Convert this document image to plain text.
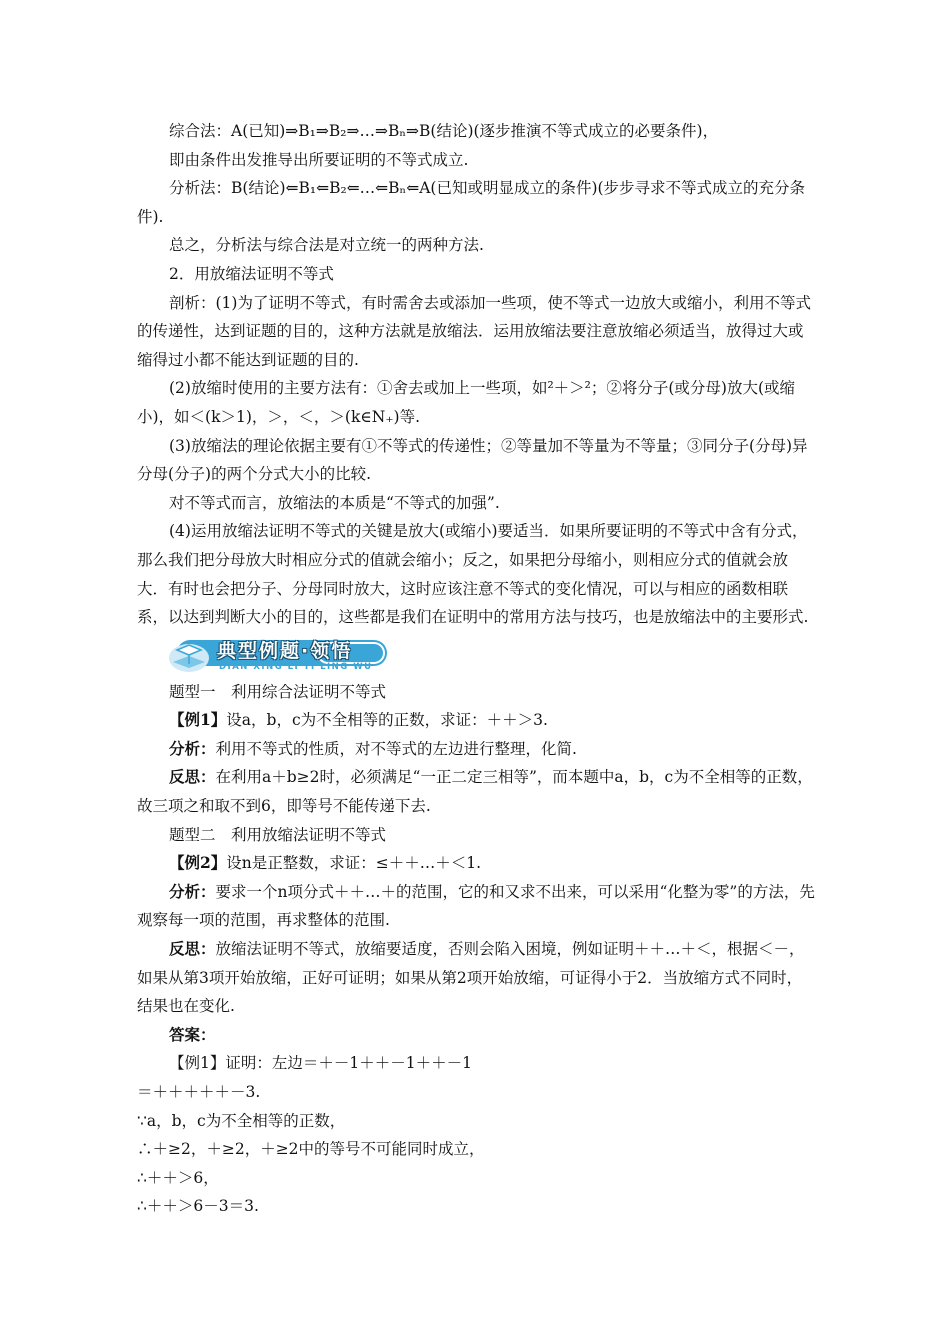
综合法：A(已知)⇒B₁⇒B₂⇒…⇒Bₙ⇒B(结论)(逐步推演不等式成立的必要条件)，

即由条件出发推导出所要证明的不等式成立.

分析法：B(结论)⇐B₁⇐B₂⇐…⇐Bₙ⇐A(已知或明显成立的条件)(步步寻求不等式成立的充分条件).

总之，分析法与综合法是对立统一的两种方法.

2．用放缩法证明不等式

剖析：(1)为了证明不等式，有时需舍去或添加一些项，使不等式一边放大或缩小，利用不等式的传递性，达到证题的目的，这种方法就是放缩法．运用放缩法要注意放缩必须适当，放得过大或缩得过小都不能达到证题的目的.

(2)放缩时使用的主要方法有：①舍去或加上一些项，如²＋＞²；②将分子(或分母)放大(或缩小)，如＜(k＞1)，＞，＜，＞(k∈N₊)等.

(3)放缩法的理论依据主要有①不等式的传递性；②等量加不等量为不等量；③同分子(分母)异分母(分子)的两个分式大小的比较.

对不等式而言，放缩法的本质是“不等式的加强”.

(4)运用放缩法证明不等式的关键是放大(或缩小)要适当．如果所要证明的不等式中含有分式，那么我们把分母放大时相应分式的值就会缩小；反之，如果把分母缩小，则相应分式的值就会放大．有时也会把分子、分母同时放大，这时应该注意不等式的变化情况，可以与相应的函数相联系，以达到判断大小的目的，这些都是我们在证明中的常用方法与技巧，也是放缩法中的主要形式.

典型例题·领悟
DIAN XING LI TI LING WU

题型一　利用综合法证明不等式

【例1】设a，b，c为不全相等的正数，求证：＋＋＞3.

分析：利用不等式的性质，对不等式的左边进行整理，化简.

反思：在利用a＋b≥2时，必须满足“一正二定三相等”，而本题中a，b，c为不全相等的正数，故三项之和取不到6，即等号不能传递下去.

题型二　利用放缩法证明不等式

【例2】设n是正整数，求证：≤＋＋…＋＜1.

分析：要求一个n项分式＋＋…＋的范围，它的和又求不出来，可以采用“化整为零”的方法，先观察每一项的范围，再求整体的范围.

反思：放缩法证明不等式，放缩要适度，否则会陷入困境，例如证明＋＋…＋＜，根据＜－，如果从第3项开始放缩，正好可证明；如果从第2项开始放缩，可证得小于2．当放缩方式不同时，结果也在变化.

答案：

【例1】证明：左边＝＋－1＋＋－1＋＋－1

＝＋＋＋＋＋－3.

∵a，b，c为不全相等的正数，

∴＋≥2，＋≥2，＋≥2中的等号不可能同时成立，

∴＋＋＞6，

∴＋＋＞6－3＝3.
